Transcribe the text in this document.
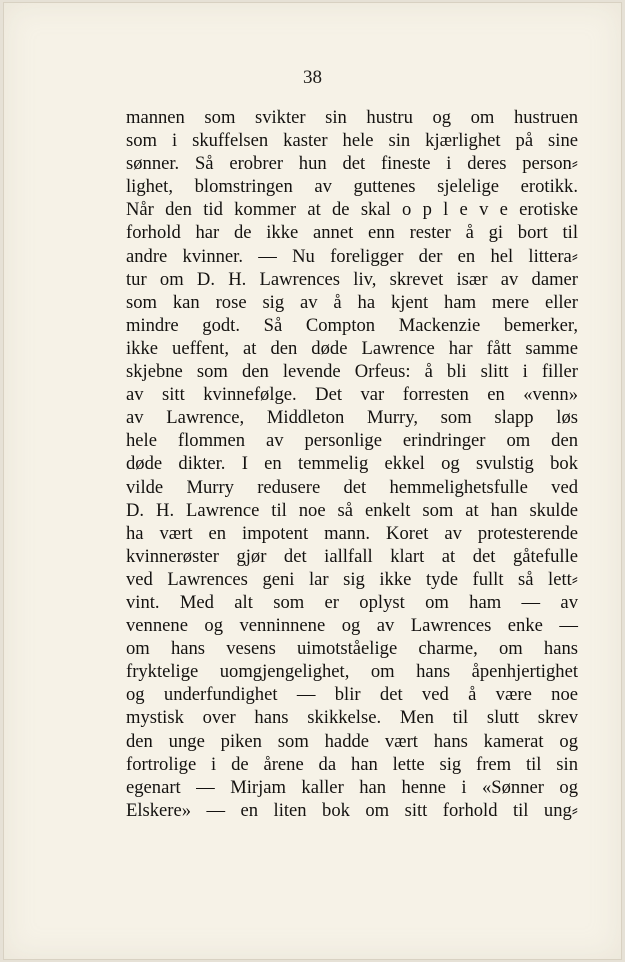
38
mannen som svikter sin hustru og om hustruen
som i skuffelsen kaster hele sin kjærlighet på sine
sønner. Så erobrer hun det fineste i deres person⸗
lighet, blomstringen av guttenes sjelelige erotikk.
Når den tid kommer at de skal o p l e v e erotiske
forhold har de ikke annet enn rester å gi bort til
andre kvinner. — Nu foreligger der en hel littera⸗
tur om D. H. Lawrences liv, skrevet især av damer
som kan rose sig av å ha kjent ham mere eller
mindre godt. Så Compton Mackenzie bemerker,
ikke ueffent, at den døde Lawrence har fått samme
skjebne som den levende Orfeus: å bli slitt i filler
av sitt kvinnefølge. Det var forresten en «venn»
av Lawrence, Middleton Murry, som slapp løs
hele flommen av personlige erindringer om den
døde dikter. I en temmelig ekkel og svulstig bok
vilde Murry redusere det hemmelighetsfulle ved
D. H. Lawrence til noe så enkelt som at han skulde
ha vært en impotent mann. Koret av protesterende
kvinnerøster gjør det iallfall klart at det gåtefulle
ved Lawrences geni lar sig ikke tyde fullt så lett⸗
vint. Med alt som er oplyst om ham — av
vennene og venninnene og av Lawrences enke —
om hans vesens uimotståelige charme, om hans
fryktelige uomgjengelighet, om hans åpenhjertighet
og underfundighet — blir det ved å være noe
mystisk over hans skikkelse. Men til slutt skrev
den unge piken som hadde vært hans kamerat og
fortrolige i de årene da han lette sig frem til sin
egenart — Mirjam kaller han henne i «Sønner og
Elskere» — en liten bok om sitt forhold til ung⸗
